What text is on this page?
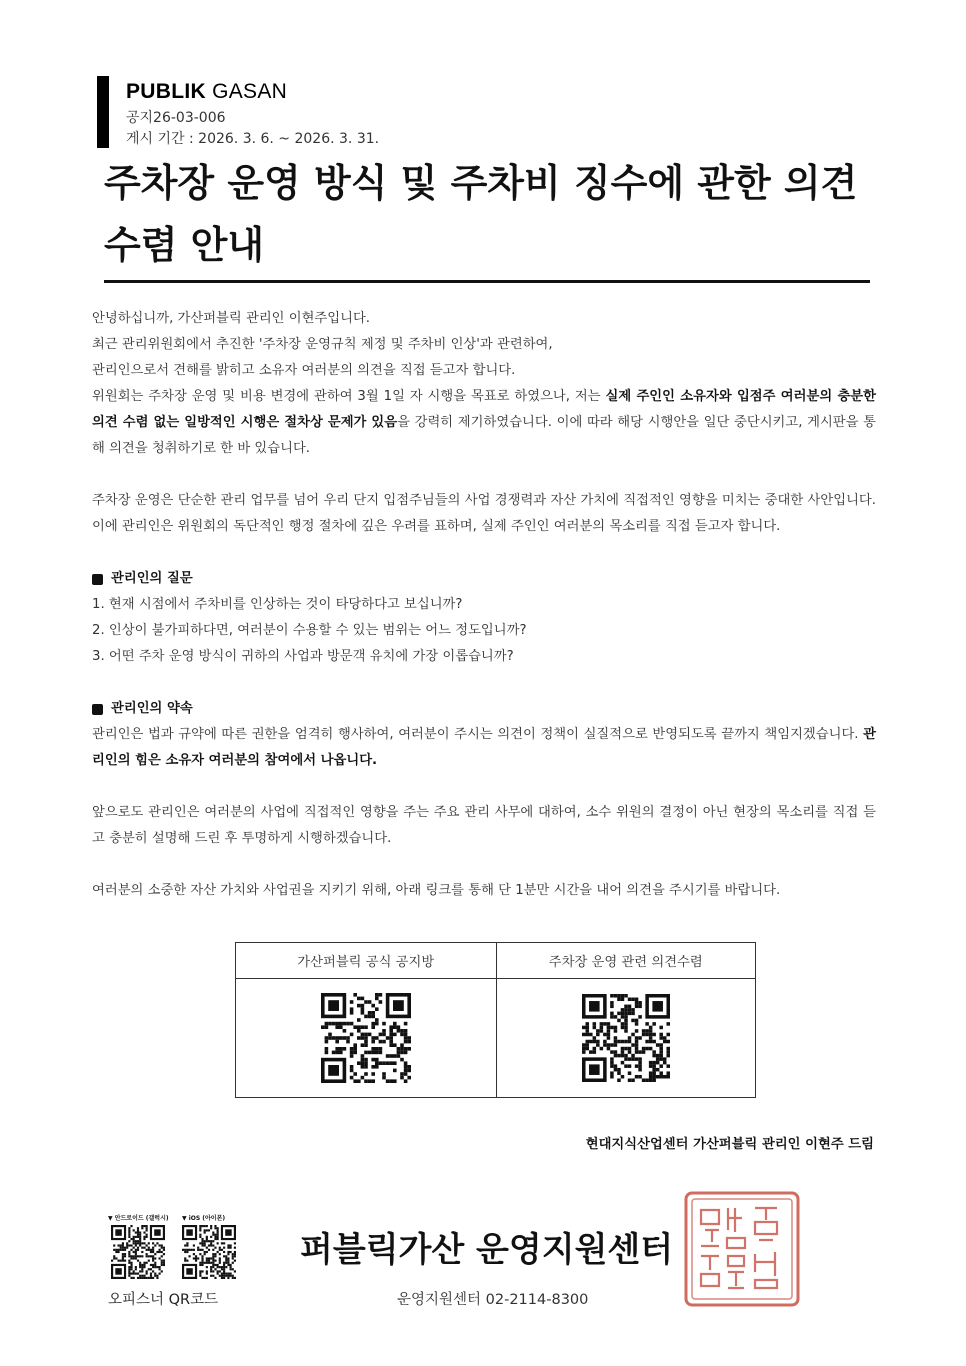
PUBLIK GASAN
공지26-03-006
게시 기간 : 2026. 3. 6. ~ 2026. 3. 31.
주차장 운영 방식 및 주차비 징수에 관한 의견 수렴 안내
안녕하십니까, 가산퍼블릭 관리인 이현주입니다.
최근 관리위원회에서 추진한 '주차장 운영규칙 제정 및 주차비 인상'과 관련하여,
관리인으로서 견해를 밝히고 소유자 여러분의 의견을 직접 듣고자 합니다.
위원회는 주차장 운영 및 비용 변경에 관하여 3월 1일 자 시행을 목표로 하였으나, 저는 실제 주인인 소유자와 입점주 여러분의 충분한 의견 수렴 없는 일방적인 시행은 절차상 문제가 있음을 강력히 제기하였습니다. 이에 따라 해당 시행안을 일단 중단시키고, 게시판을 통해 의견을 청취하기로 한 바 있습니다.
주차장 운영은 단순한 관리 업무를 넘어 우리 단지 입점주님들의 사업 경쟁력과 자산 가치에 직접적인 영향을 미치는 중대한 사안입니다. 이에 관리인은 위원회의 독단적인 행정 절차에 깊은 우려를 표하며, 실제 주인인 여러분의 목소리를 직접 듣고자 합니다.
관리인의 질문
1. 현재 시점에서 주차비를 인상하는 것이 타당하다고 보십니까?
2. 인상이 불가피하다면, 여러분이 수용할 수 있는 범위는 어느 정도입니까?
3. 어떤 주차 운영 방식이 귀하의 사업과 방문객 유치에 가장 이롭습니까?
관리인의 약속
관리인은 법과 규약에 따른 권한을 엄격히 행사하여, 여러분이 주시는 의견이 정책이 실질적으로 반영되도록 끝까지 책임지겠습니다. 관리인의 힘은 소유자 여러분의 참여에서 나옵니다.
앞으로도 관리인은 여러분의 사업에 직접적인 영향을 주는 주요 관리 사무에 대하여, 소수 위원의 결정이 아닌 현장의 목소리를 직접 듣고 충분히 설명해 드린 후 투명하게 시행하겠습니다.
여러분의 소중한 자산 가치와 사업권을 지키기 위해, 아래 링크를 통해 단 1분만 시간을 내어 의견을 주시기를 바랍니다.
가산퍼블릭 공식 공지방	주차장 운영 관련 의견수렴
현대지식산업센터 가산퍼블릭 관리인 이현주 드림
▼ 안드로이드 (갤럭시) ▼ iOS (아이폰)
오피스너 QR코드
퍼블릭가산 운영지원센터
운영지원센터 02-2114-8300
